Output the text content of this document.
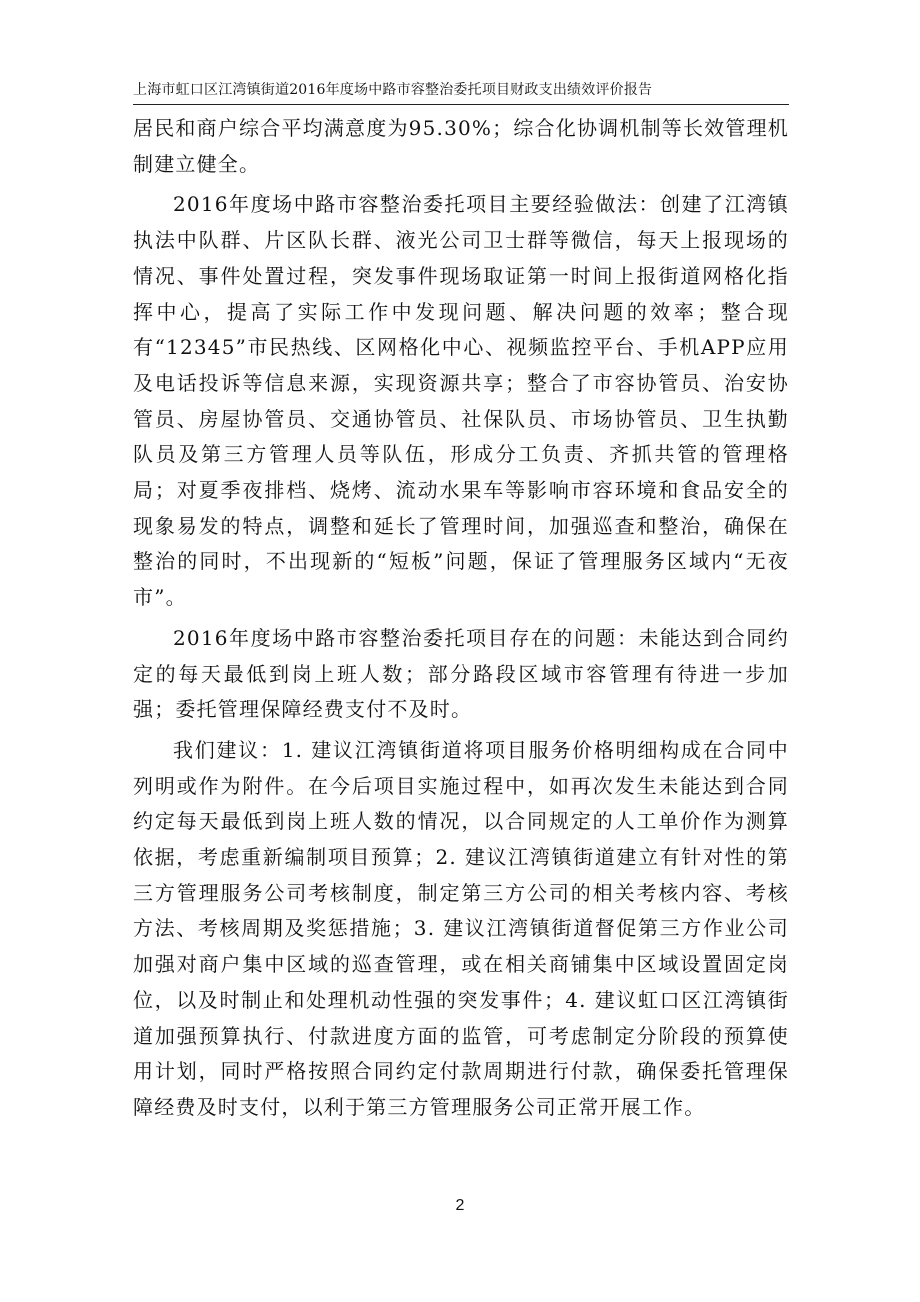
上海市虹口区江湾镇街道2016年度场中路市容整治委托项目财政支出绩效评价报告

居民和商户综合平均满意度为95.30%；综合化协调机制等长效管理机制建立健全。

2016年度场中路市容整治委托项目主要经验做法：创建了江湾镇执法中队群、片区队长群、液光公司卫士群等微信，每天上报现场的情况、事件处置过程，突发事件现场取证第一时间上报街道网格化指挥中心，提高了实际工作中发现问题、解决问题的效率；整合现有“12345”市民热线、区网格化中心、视频监控平台、手机APP应用及电话投诉等信息来源，实现资源共享；整合了市容协管员、治安协管员、房屋协管员、交通协管员、社保队员、市场协管员、卫生执勤队员及第三方管理人员等队伍，形成分工负责、齐抓共管的管理格局；对夏季夜排档、烧烤、流动水果车等影响市容环境和食品安全的现象易发的特点，调整和延长了管理时间，加强巡查和整治，确保在整治的同时，不出现新的“短板”问题，保证了管理服务区域内“无夜市”。

2016年度场中路市容整治委托项目存在的问题：未能达到合同约定的每天最低到岗上班人数；部分路段区域市容管理有待进一步加强；委托管理保障经费支付不及时。

我们建议：1. 建议江湾镇街道将项目服务价格明细构成在合同中列明或作为附件。在今后项目实施过程中，如再次发生未能达到合同约定每天最低到岗上班人数的情况，以合同规定的人工单价作为测算依据，考虑重新编制项目预算；2. 建议江湾镇街道建立有针对性的第三方管理服务公司考核制度，制定第三方公司的相关考核内容、考核方法、考核周期及奖惩措施；3. 建议江湾镇街道督促第三方作业公司加强对商户集中区域的巡查管理，或在相关商铺集中区域设置固定岗位，以及时制止和处理机动性强的突发事件；4. 建议虹口区江湾镇街道加强预算执行、付款进度方面的监管，可考虑制定分阶段的预算使用计划，同时严格按照合同约定付款周期进行付款，确保委托管理保障经费及时支付，以利于第三方管理服务公司正常开展工作。

2
